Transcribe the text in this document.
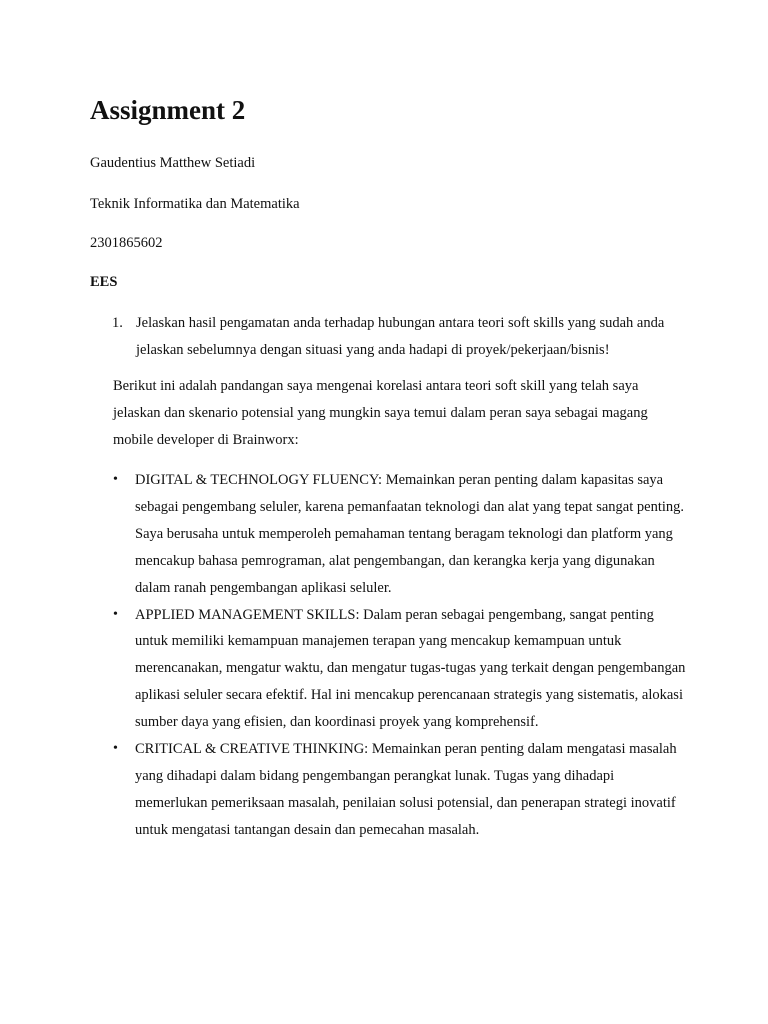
Assignment 2

Gaudentius Matthew Setiadi

Teknik Informatika dan Matematika

2301865602

EES

1. Jelaskan hasil pengamatan anda terhadap hubungan antara teori soft skills yang sudah anda jelaskan sebelumnya dengan situasi yang anda hadapi di proyek/pekerjaan/bisnis!

Berikut ini adalah pandangan saya mengenai korelasi antara teori soft skill yang telah saya jelaskan dan skenario potensial yang mungkin saya temui dalam peran saya sebagai magang mobile developer di Brainworx:

• DIGITAL & TECHNOLOGY FLUENCY: Memainkan peran penting dalam kapasitas saya sebagai pengembang seluler, karena pemanfaatan teknologi dan alat yang tepat sangat penting. Saya berusaha untuk memperoleh pemahaman tentang beragam teknologi dan platform yang mencakup bahasa pemrograman, alat pengembangan, dan kerangka kerja yang digunakan dalam ranah pengembangan aplikasi seluler.
• APPLIED MANAGEMENT SKILLS: Dalam peran sebagai pengembang, sangat penting untuk memiliki kemampuan manajemen terapan yang mencakup kemampuan untuk merencanakan, mengatur waktu, dan mengatur tugas-tugas yang terkait dengan pengembangan aplikasi seluler secara efektif. Hal ini mencakup perencanaan strategis yang sistematis, alokasi sumber daya yang efisien, dan koordinasi proyek yang komprehensif.
• CRITICAL & CREATIVE THINKING: Memainkan peran penting dalam mengatasi masalah yang dihadapi dalam bidang pengembangan perangkat lunak. Tugas yang dihadapi memerlukan pemeriksaan masalah, penilaian solusi potensial, dan penerapan strategi inovatif untuk mengatasi tantangan desain dan pemecahan masalah.
